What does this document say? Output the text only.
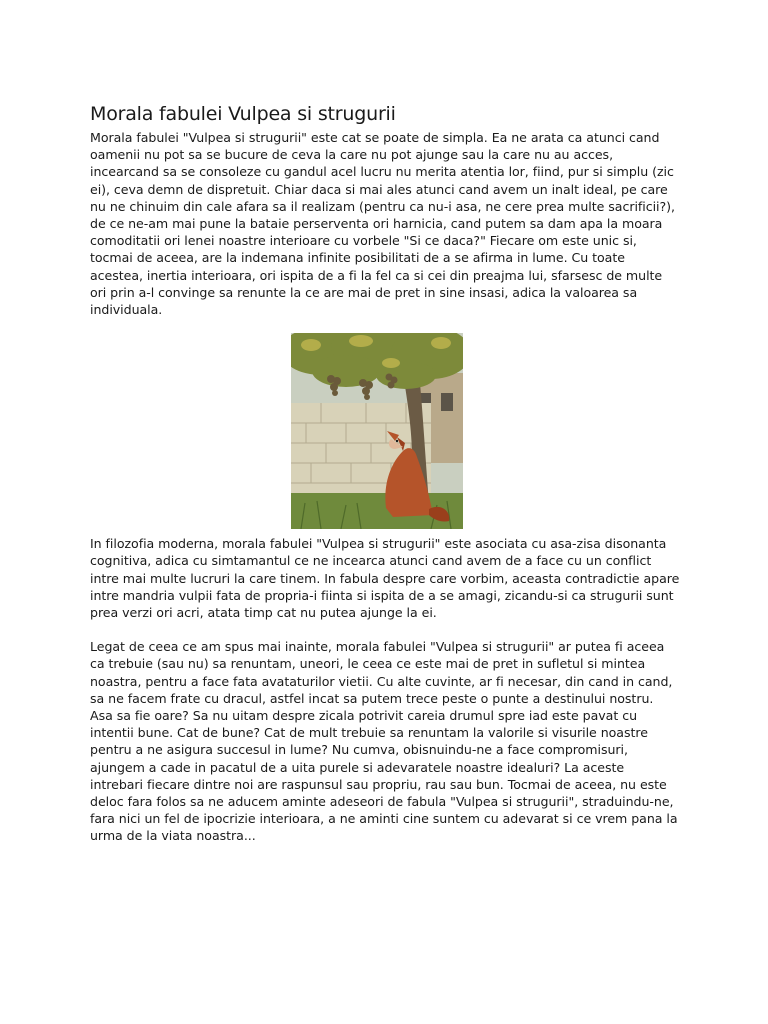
Morala fabulei Vulpea si strugurii

Morala fabulei "Vulpea si strugurii" este cat se poate de simpla. Ea ne arata ca atunci cand oamenii nu pot sa se bucure de ceva la care nu pot ajunge sau la care nu au acces, incearcand sa se consoleze cu gandul acel lucru nu merita atentia lor, fiind, pur si simplu (zic ei), ceva demn de dispretuit. Chiar daca si mai ales atunci cand avem un inalt ideal, pe care nu ne chinuim din cale afara sa il realizam (pentru ca nu-i asa, ne cere prea multe sacrificii?), de ce ne-am mai pune la bataie perserventa ori harnicia, cand putem sa dam apa la moara comoditatii ori lenei noastre interioare cu vorbele "Si ce daca?" Fiecare om este unic si, tocmai de aceea, are la indemana infinite posibilitati de a se afirma in lume. Cu toate acestea, inertia interioara, ori ispita de a fi la fel ca si cei din preajma lui, sfarsesc de multe ori prin a-l convinge sa renunte la ce are mai de pret in sine insasi, adica la valoarea sa individuala.

In filozofia moderna, morala fabulei "Vulpea si strugurii" este asociata cu asa-zisa disonanta cognitiva, adica cu simtamantul ce ne incearca atunci cand avem de a face cu un conflict intre mai multe lucruri la care tinem. In fabula despre care vorbim, aceasta contradictie apare intre mandria vulpii fata de propria-i fiinta si ispita de a se amagi, zicandu-si ca strugurii sunt prea verzi ori acri, atata timp cat nu putea ajunge la ei.

Legat de ceea ce am spus mai inainte, morala fabulei "Vulpea si strugurii" ar putea fi aceea ca trebuie (sau nu) sa renuntam, uneori, le ceea ce este mai de pret in sufletul si mintea noastra, pentru a face fata avataturilor vietii. Cu alte cuvinte, ar fi necesar, din cand in cand, sa ne facem frate cu dracul, astfel incat sa putem trece peste o punte a destinului nostru. Asa sa fie oare? Sa nu uitam despre zicala potrivit careia drumul spre iad este pavat cu intentii bune. Cat de bune? Cat de mult trebuie sa renuntam la valorile si visurile noastre pentru a ne asigura succesul in lume? Nu cumva, obisnuindu-ne a face compromisuri, ajungem a cade in pacatul de a uita purele si adevaratele noastre idealuri? La aceste intrebari fiecare dintre noi are raspunsul sau propriu, rau sau bun. Tocmai de aceea, nu este deloc fara folos sa ne aducem aminte adeseori de fabula "Vulpea si strugurii", straduindu-ne, fara nici un fel de ipocrizie interioara, a ne aminti cine suntem cu adevarat si ce vrem pana la urma de la viata noastra...
